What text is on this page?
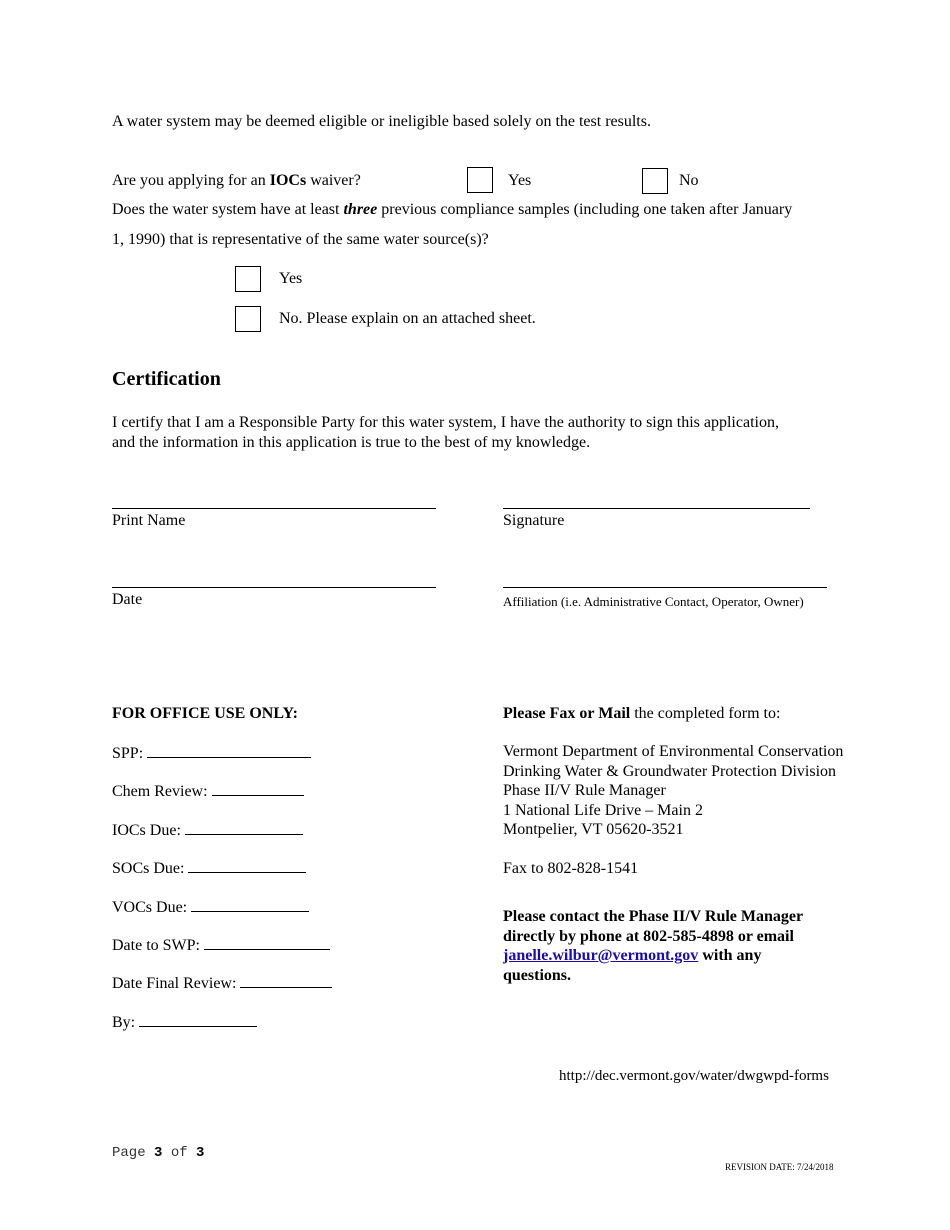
A water system may be deemed eligible or ineligible based solely on the test results.
Are you applying for an IOCs waiver?	Yes	No
Does the water system have at least three previous compliance samples (including one taken after January
1, 1990) that is representative of the same water source(s)?
Yes
No. Please explain on an attached sheet.
Certification
I certify that I am a Responsible Party for this water system, I have the authority to sign this application,
and the information in this application is true to the best of my knowledge.
Print Name	Signature
Date	Affiliation (i.e. Administrative Contact, Operator, Owner)
FOR OFFICE USE ONLY:
SPP:
Chem Review:
IOCs Due:
SOCs Due:
VOCs Due:
Date to SWP:
Date Final Review:
By:
Please Fax or Mail the completed form to:
Vermont Department of Environmental Conservation
Drinking Water & Groundwater Protection Division
Phase II/V Rule Manager
1 National Life Drive – Main 2
Montpelier, VT 05620-3521
Fax to 802-828-1541
Please contact the Phase II/V Rule Manager
directly by phone at 802-585-4898 or email
janelle.wilbur@vermont.gov with any
questions.
http://dec.vermont.gov/water/dwgwpd-forms
Page 3 of 3
REVISION DATE: 7/24/2018
